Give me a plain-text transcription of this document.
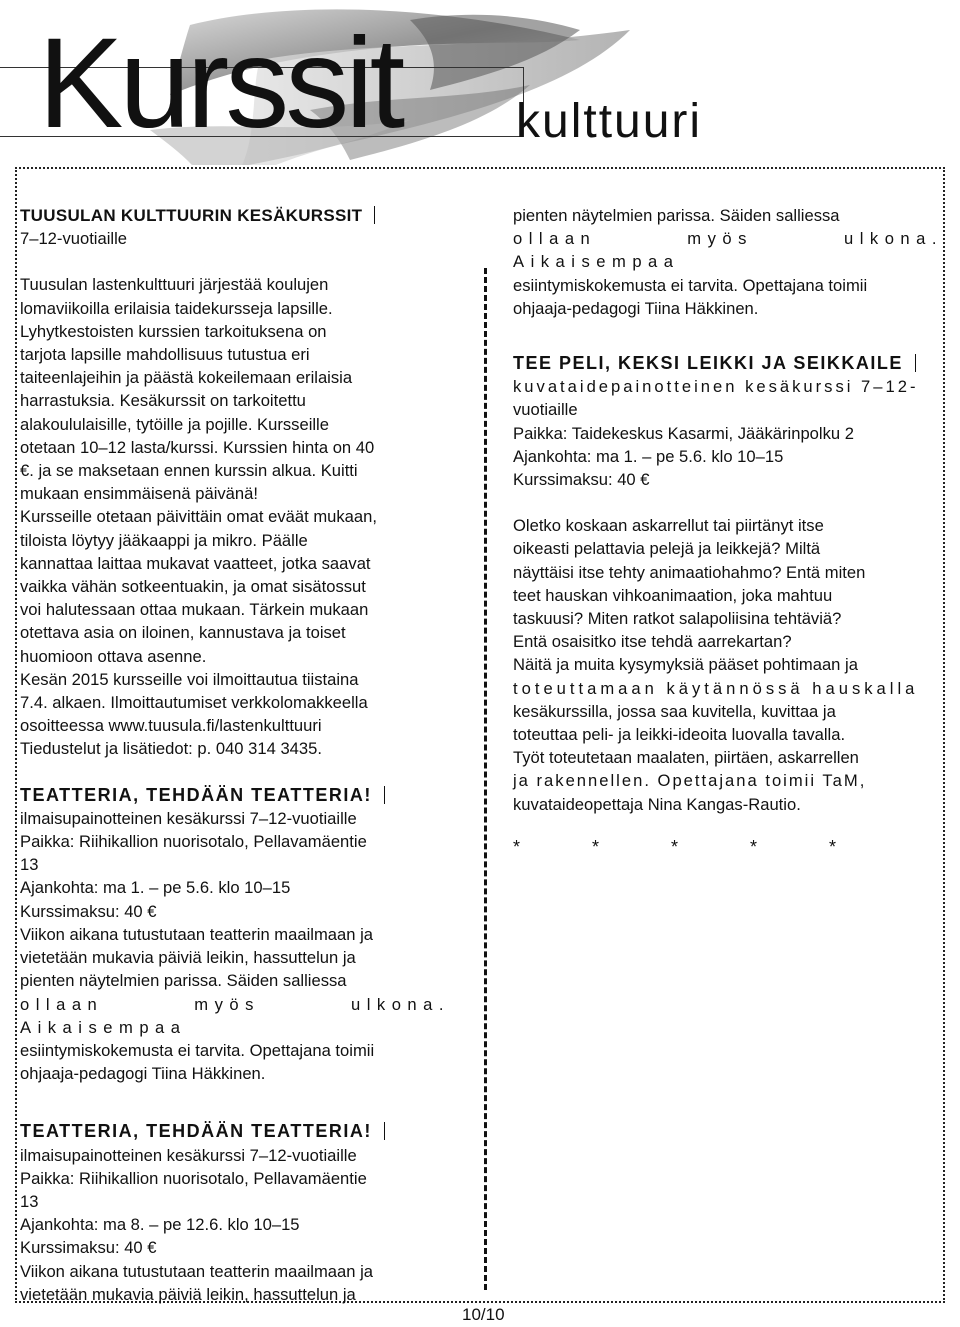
Kurssit kulttuuri

TUUSULAN KULTTUURIN KESÄKURSSIT

7–12-vuotiaille

Tuusulan lastenkulttuuri järjestää koulujen

lomaviikoilla erilaisia taidekursseja lapsille.

Lyhytkestoisten kurssien tarkoituksena on

tarjota lapsille mahdollisuus tutustua eri

taiteenlajeihin ja päästä kokeilemaan erilaisia

harrastuksia. Kesäkurssit on tarkoitettu

alakoululaisille, tytöille ja pojille. Kursseille

otetaan 10–12 lasta/kurssi. Kurssien hinta on 40

€. ja se maksetaan ennen kurssin alkua. Kuitti

mukaan ensimmäisenä päivänä!

Kursseille otetaan päivittäin omat eväät mukaan,

tiloista löytyy jääkaappi ja mikro. Päälle

kannattaa laittaa mukavat vaatteet, jotka saavat

vaikka vähän sotkeentuakin, ja omat sisätossut

voi halutessaan ottaa mukaan. Tärkein mukaan

otettava asia on iloinen, kannustava ja toiset

huomioon ottava asenne.

Kesän 2015 kursseille voi ilmoittautua tiistaina

7.4. alkaen. Ilmoittautumiset verkkolomakkeella

osoitteessa www.tuusula.fi/lastenkulttuuri

Tiedustelut ja lisätiedot: p. 040 314 3435.

TEATTERIA, TEHDÄÄN TEATTERIA!

ilmaisupainotteinen kesäkurssi 7–12-vuotiaille

Paikka: Riihikallion nuorisotalo, Pellavamäentie

13

Ajankohta: ma 1. – pe 5.6. klo 10–15

Kurssimaksu: 40 €

Viikon aikana tutustutaan teatterin maailmaan ja

vietetään mukavia päiviä leikin, hassuttelun ja

pienten näytelmien parissa. Säiden salliessa

ollaan myös ulkona. Aikaisempaa

esiintymiskokemusta ei tarvita. Opettajana toimii

ohjaaja-pedagogi Tiina Häkkinen.

TEATTERIA, TEHDÄÄN TEATTERIA!

ilmaisupainotteinen kesäkurssi 7–12-vuotiaille

Paikka: Riihikallion nuorisotalo, Pellavamäentie

13

Ajankohta: ma 8. – pe 12.6. klo 10–15

Kurssimaksu: 40 €

Viikon aikana tutustutaan teatterin maailmaan ja

vietetään mukavia päiviä leikin, hassuttelun ja

pienten näytelmien parissa. Säiden salliessa

ollaan myös ulkona. Aikaisempaa

esiintymiskokemusta ei tarvita. Opettajana toimii

ohjaaja-pedagogi Tiina Häkkinen.

TEE PELI, KEKSI LEIKKI JA SEIKKAILE

kuvataidepainotteinen kesäkurssi 7–12-

vuotiaille

Paikka: Taidekeskus Kasarmi, Jääkärinpolku 2

Ajankohta: ma 1. – pe 5.6. klo 10–15

Kurssimaksu: 40 €

Oletko koskaan askarrellut tai piirtänyt itse

oikeasti pelattavia pelejä ja leikkejä? Miltä

näyttäisi itse tehty animaatiohahmo? Entä miten

teet hauskan vihkoanimaation, joka mahtuu

taskuusi? Miten ratkot salapoliisina tehtäviä?

Entä osaisitko itse tehdä aarrekartan?

Näitä ja muita kysymyksiä pääset pohtimaan ja

toteuttamaan käytännössä hauskalla

kesäkurssilla, jossa saa kuvitella, kuvittaa ja

toteuttaa peli- ja leikki-ideoita luovalla tavalla.

Työt toteutetaan maalaten, piirtäen, askarrellen

ja rakennellen. Opettajana toimii TaM,

kuvataideopettaja Nina Kangas-Rautio.

*	*	*	*	*
10/10
